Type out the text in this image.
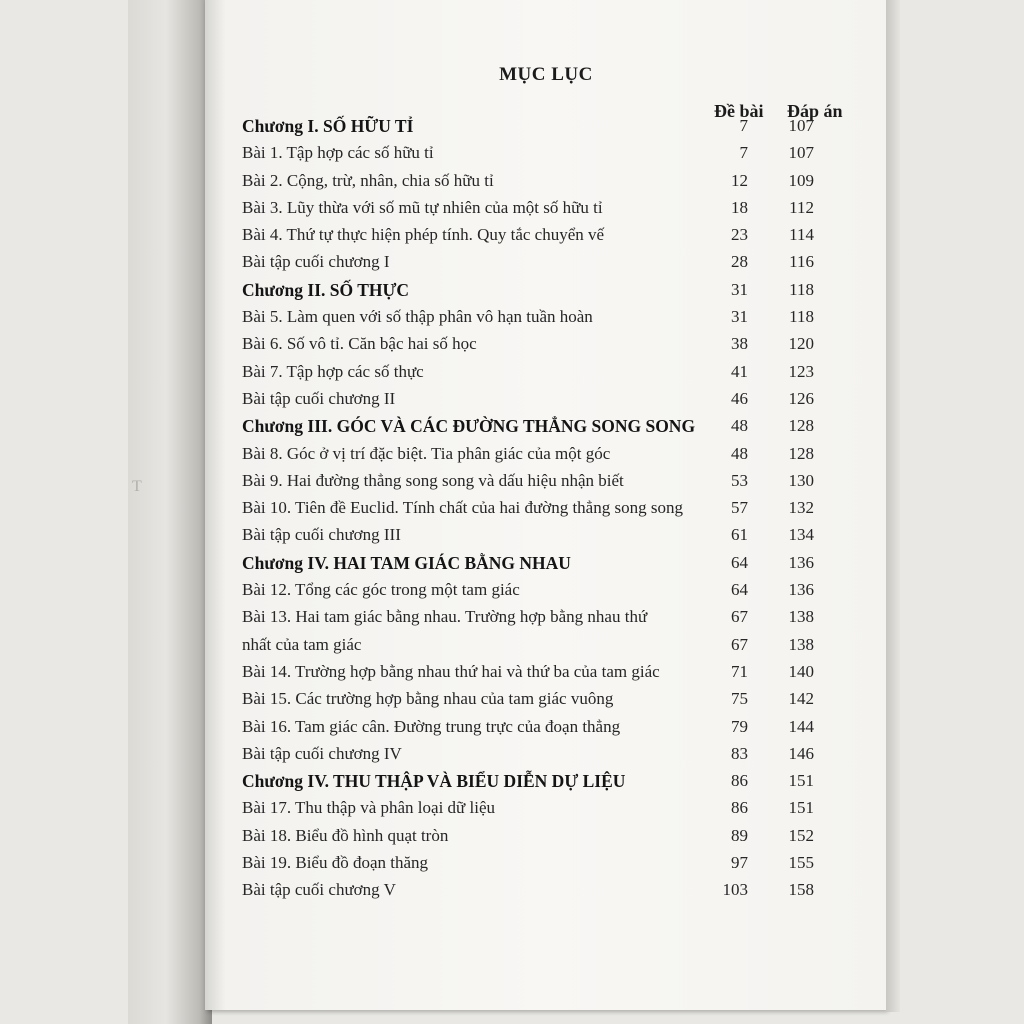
T
MỤC LỤC
Đề bài Đáp án
Chương I. SỐ HỮU TỈ	7 107
Bài 1. Tập hợp các số hữu tỉ	7 107
Bài 2. Cộng, trừ, nhân, chia số hữu tỉ	12 109
Bài 3. Lũy thừa với số mũ tự nhiên của một số hữu tỉ	18 112
Bài 4. Thứ tự thực hiện phép tính. Quy tắc chuyển vế	23 114
Bài tập cuối chương I	28 116
Chương II. SỐ THỰC	31 118
Bài 5. Làm quen với số thập phân vô hạn tuần hoàn	31 118
Bài 6. Số vô tỉ. Căn bậc hai số học	38 120
Bài 7. Tập hợp các số thực	41 123
Bài tập cuối chương II	46 126
Chương III. GÓC VÀ CÁC ĐƯỜNG THẲNG SONG SONG 48 128
Bài 8. Góc ở vị trí đặc biệt. Tia phân giác của một góc	48 128
Bài 9. Hai đường thẳng song song và dấu hiệu nhận biết	53 130
Bài 10. Tiên đề Euclid. Tính chất của hai đường thẳng song song	57 132
Bài tập cuối chương III	61 134
Chương IV. HAI TAM GIÁC BẰNG NHAU	64 136
Bài 12. Tổng các góc trong một tam giác	64 136
Bài 13. Hai tam giác bằng nhau. Trường hợp bằng nhau thứ	67 138
nhất của tam giác	67 138
Bài 14. Trường hợp bằng nhau thứ hai và thứ ba của tam giác	71 140
Bài 15. Các trường hợp bằng nhau của tam giác vuông	75 142
Bài 16. Tam giác cân. Đường trung trực của đoạn thẳng	79 144
Bài tập cuối chương IV	83 146
Chương IV. THU THẬP VÀ BIỂU DIỄN DỰ LIỆU	86 151
Bài 17. Thu thập và phân loại dữ liệu	86 151
Bài 18. Biểu đồ hình quạt tròn	89 152
Bài 19. Biểu đồ đoạn thăng	97 155
Bài tập cuối chương V	103 158
